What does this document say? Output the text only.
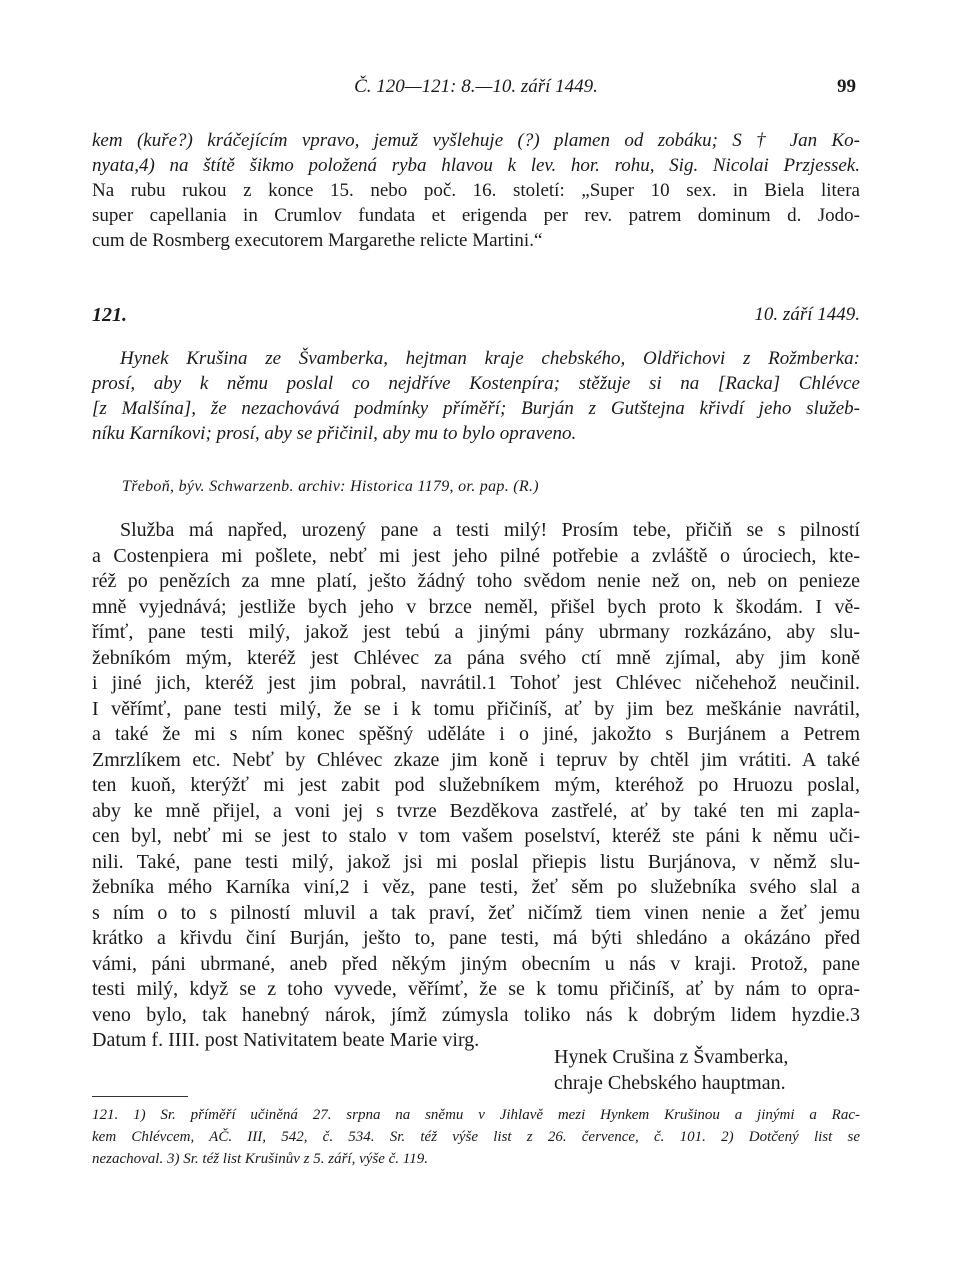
Č. 120—121: 8.—10. září 1449.	99
kem (kuře?) kráčejícím vpravo, jemuž vyšlehuje (?) plamen od zobáku; S † Jan Ko-
nyata,4) na štítě šikmo položená ryba hlavou k lev. hor. rohu, Sig. Nicolai Przjessek.
Na rubu rukou z konce 15. nebo poč. 16. století: „Super 10 sex. in Biela litera
super capellania in Crumlov fundata et erigenda per rev. patrem dominum d. Jodo-
cum de Rosmberg executorem Margarethe relicte Martini.“
121.	10. září 1449.
Hynek Krušina ze Švamberka, hejtman kraje chebského, Oldřichovi z Rožmberka:
prosí, aby k němu poslal co nejdříve Kostenpíra; stěžuje si na [Racka] Chlévce
[z Malšína], že nezachovává podmínky příměří; Burján z Gutštejna křivdí jeho služeb-
níku Karníkovi; prosí, aby se přičinil, aby mu to bylo opraveno.
Třeboň, býv. Schwarzenb. archiv: Historica 1179, or. pap. (R.)
Služba má napřed, urozený pane a testi milý! Prosím tebe, přičiň se s pilností
a Costenpiera mi pošlete, nebť mi jest jeho pilné potřebie a zvláště o úrociech, kte-
réž po penězích za mne platí, ješto žádný toho svědom nenie než on, neb on penieze
mně vyjednává; jestliže bych jeho v brzce neměl, přišel bych proto k škodám. I vě-
římť, pane testi milý, jakož jest tebú a jinými pány ubrmany rozkázáno, aby slu-
žebníkóm mým, kteréž jest Chlévec za pána svého ctí mně zjímal, aby jim koně
i jiné jich, kteréž jest jim pobral, navrátil.1 Tohoť jest Chlévec ničehehož neučinil.
I věřímť, pane testi milý, že se i k tomu přičiníš, ať by jim bez meškánie navrátil,
a také že mi s ním konec spěšný uděláte i o jiné, jakožto s Burjánem a Petrem
Zmrzlíkem etc. Nebť by Chlévec zkaze jim koně i tepruv by chtěl jim vrátiti. A také
ten kuoň, kterýžť mi jest zabit pod služebníkem mým, kteréhož po Hruozu poslal,
aby ke mně přijel, a voni jej s tvrze Bezděkova zastřelé, ať by také ten mi zapla-
cen byl, nebť mi se jest to stalo v tom vašem poselství, kteréž ste páni k němu uči-
nili. Také, pane testi milý, jakož jsi mi poslal přiepis listu Burjánova, v němž slu-
žebníka mého Karníka viní,2 i věz, pane testi, žeť sěm po služebníka svého slal a
s ním o to s pilností mluvil a tak praví, žeť ničímž tiem vinen nenie a žeť jemu
krátko a křivdu činí Burján, ješto to, pane testi, má býti shledáno a okázáno před
vámi, páni ubrmané, aneb před někým jiným obecním u nás v kraji. Protož, pane
testi milý, když se z toho vyvede, věřímť, že se k tomu přičiníš, ať by nám to opra-
veno bylo, tak hanebný nárok, jímž zúmysla toliko nás k dobrým lidem hyzdie.3
Datum f. IIII. post Nativitatem beate Marie virg.
Hynek Crušina z Švamberka,
chraje Chebského hauptman.
121. 1) Sr. příměří učiněná 27. srpna na sněmu v Jihlavě mezi Hynkem Krušinou a jinými a Rac-
kem Chlévcem, AČ. III, 542, č. 534. Sr. též výše list z 26. července, č. 101. 2) Dotčený list se
nezachoval. 3) Sr. též list Krušinův z 5. září, výše č. 119.
